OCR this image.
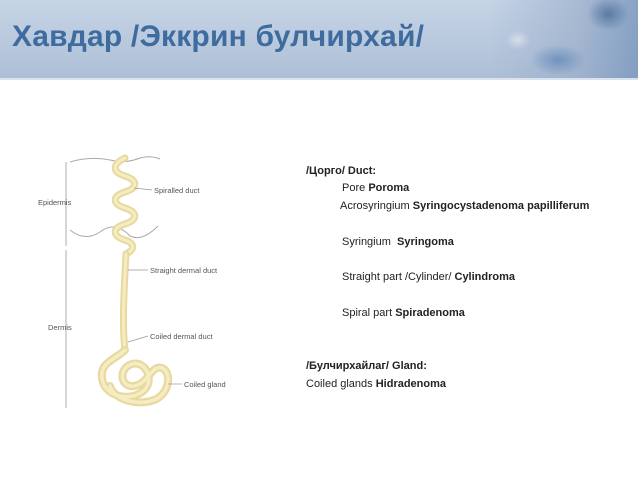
Хавдар /Эккрин булчирхай/
Epidermis
Dermis
Spiralled duct
Straight dermal duct
Coiled dermal duct
Coiled gland
/Цорго/ Duct:
Pore Poroma
Acrosyringium Syringocystadenoma papilliferum
Syringium Syringoma
Straight part /Cylinder/ Cylindroma
Spiral part Spiradenoma
/Булчирхайлаг/ Gland:
Coiled glands Hidradenoma
